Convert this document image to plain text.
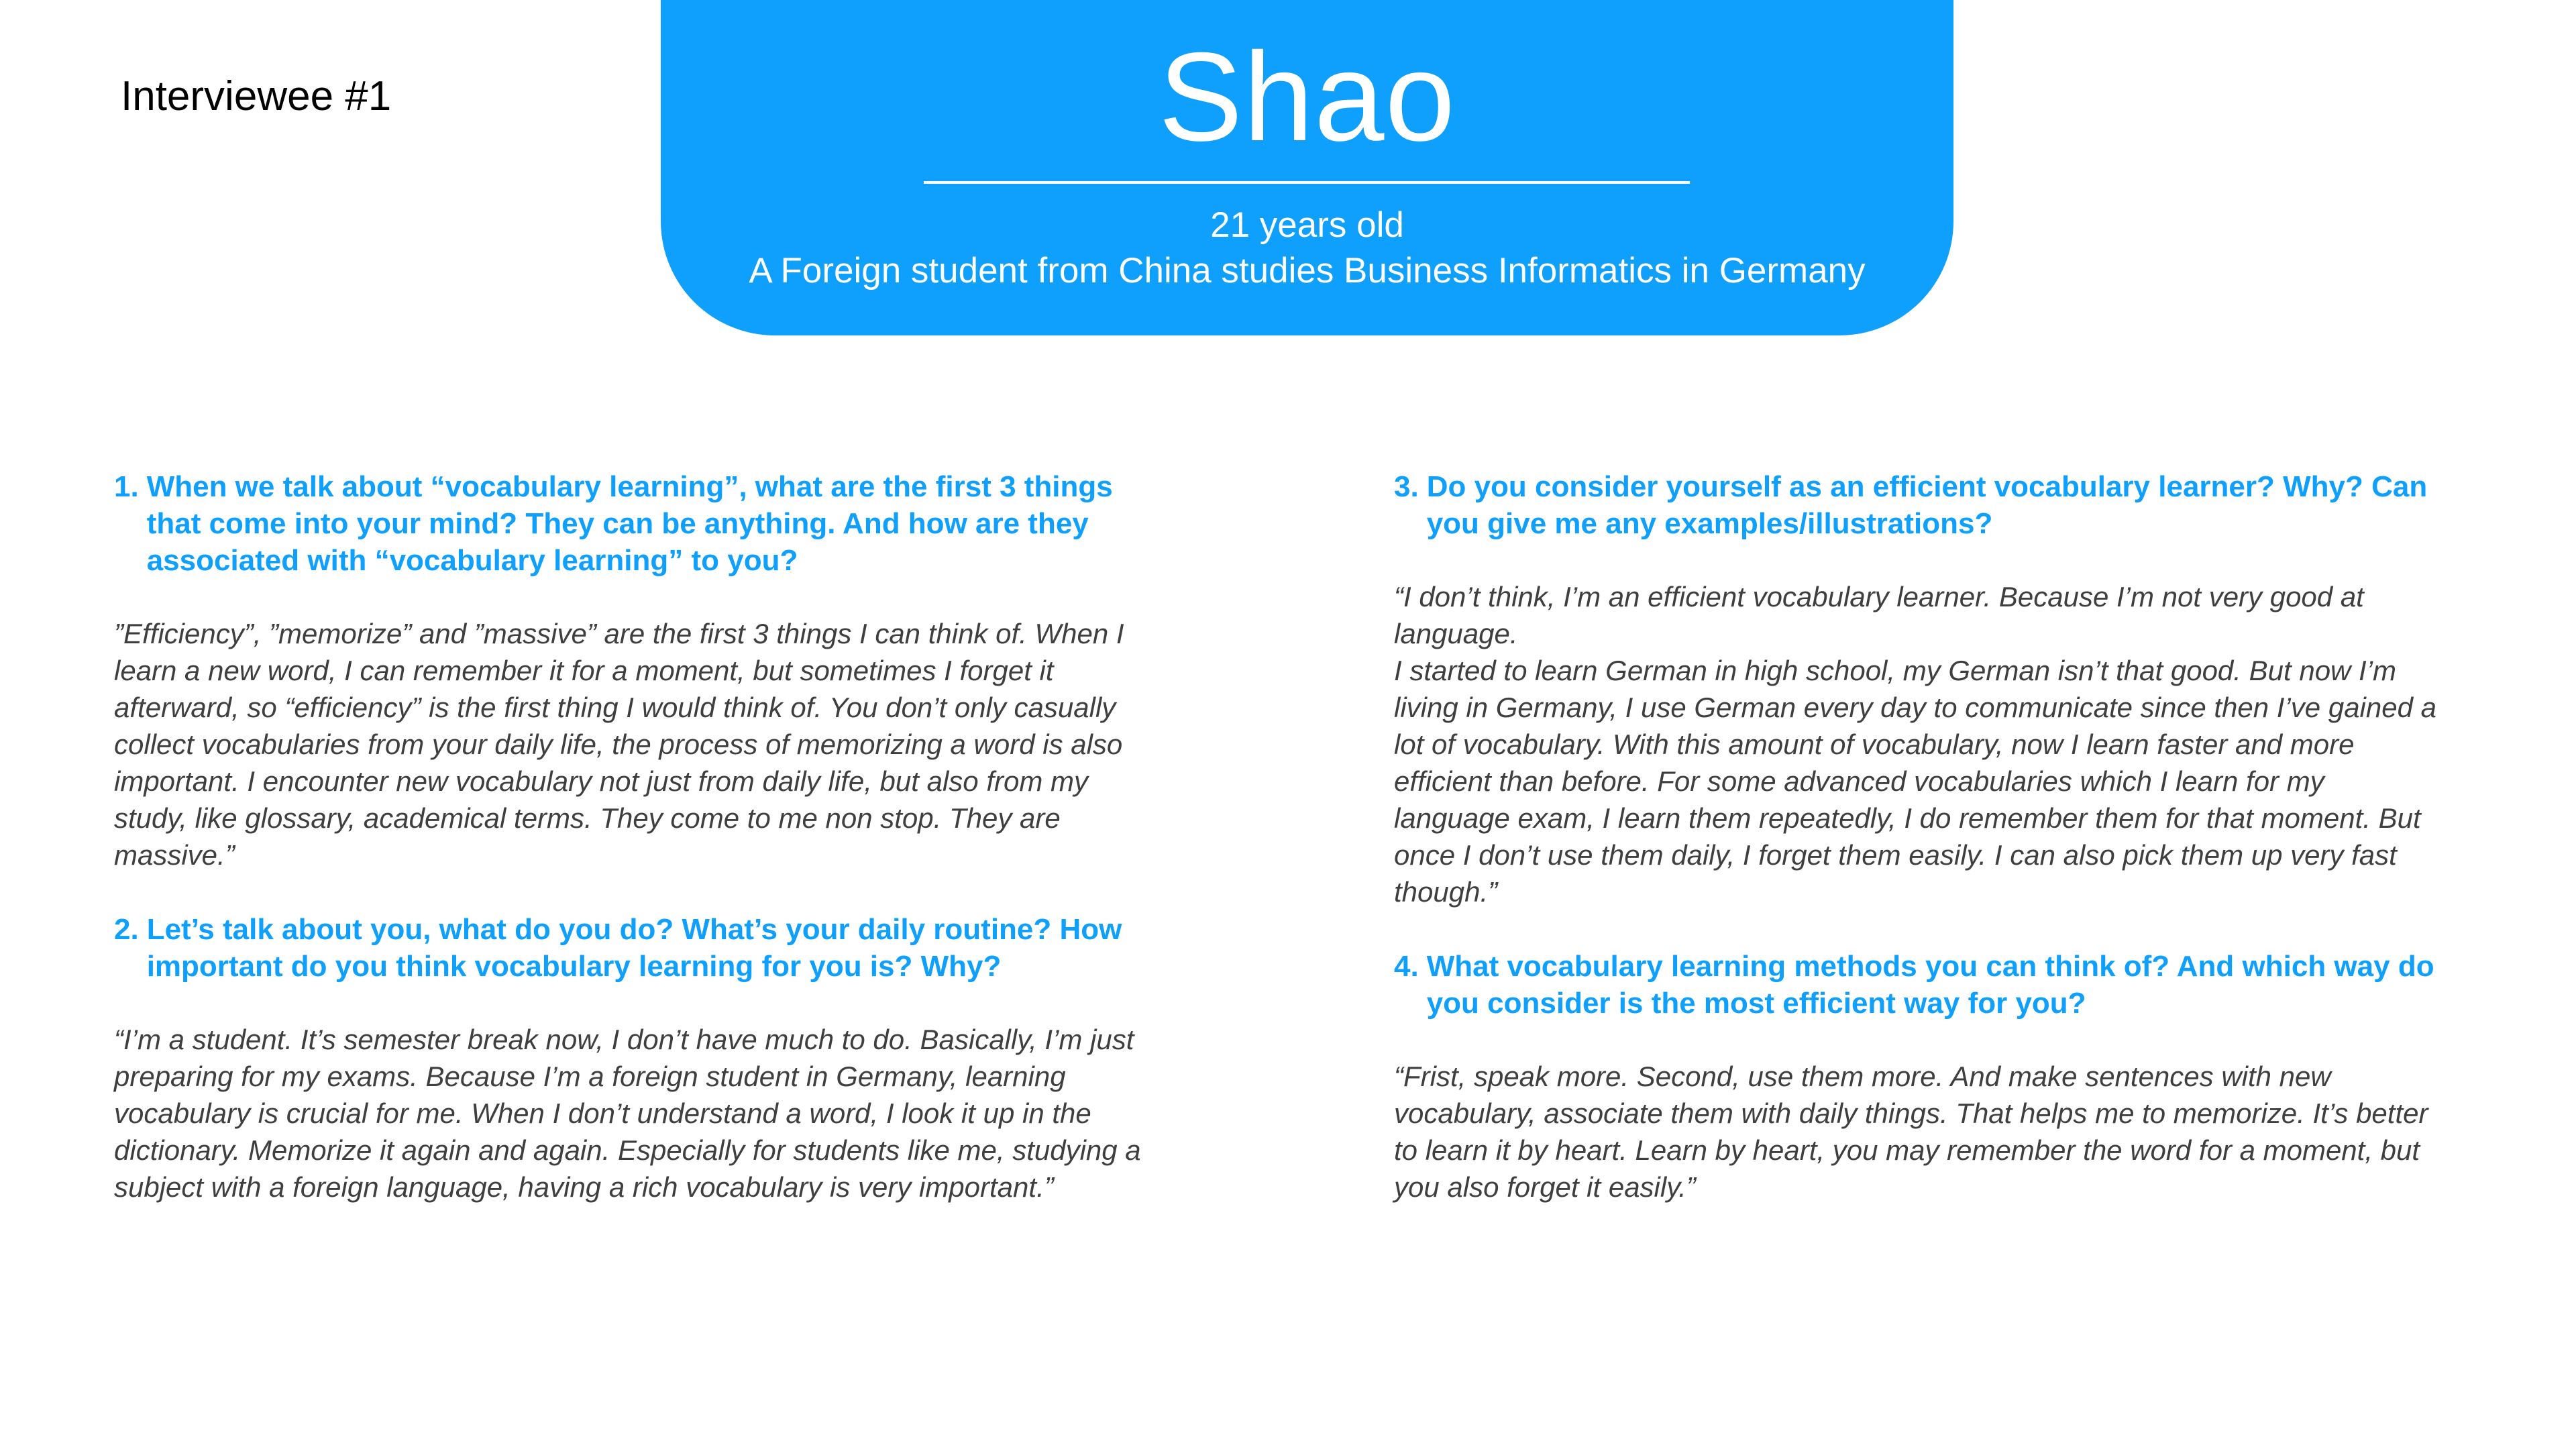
Interviewee #1	Shao
21 years old
A Foreign student from China studies Business Informatics in Germany
1. When we talk about “vocabulary learning”, what are the first 3 things that come into your mind? They can be anything. And how are they associated with “vocabulary learning” to you?

”Efficiency”, ”memorize” and ”massive” are the first 3 things I can think of. When I learn a new word, I can remember it for a moment, but sometimes I forget it afterward, so “efficiency” is the first thing I would think of. You don’t only casually collect vocabularies from your daily life, the process of memorizing a word is also important. I encounter new vocabulary not just from daily life, but also from my study, like glossary, academical terms. They come to me non stop. They are massive.”

2. Let’s talk about you, what do you do? What’s your daily routine? How important do you think vocabulary learning for you is? Why?

“I’m a student. It’s semester break now, I don’t have much to do. Basically, I’m just preparing for my exams. Because I’m a foreign student in Germany, learning vocabulary is crucial for me. When I don’t understand a word, I look it up in the dictionary. Memorize it again and again. Especially for students like me, studying a subject with a foreign language, having a rich vocabulary is very important.”

3. Do you consider yourself as an efficient vocabulary learner? Why? Can you give me any examples/illustrations?

“I don’t think, I’m an efficient vocabulary learner. Because I’m not very good at language.
I started to learn German in high school, my German isn’t that good. But now I’m living in Germany, I use German every day to communicate since then I’ve gained a lot of vocabulary. With this amount of vocabulary, now I learn faster and more efficient than before. For some advanced vocabularies which I learn for my language exam, I learn them repeatedly, I do remember them for that moment. But once I don’t use them daily, I forget them easily. I can also pick them up very fast though.”

4. What vocabulary learning methods you can think of? And which way do you consider is the most efficient way for you?

“Frist, speak more. Second, use them more. And make sentences with new vocabulary, associate them with daily things. That helps me to memorize. It’s better to learn it by heart. Learn by heart, you may remember the word for a moment, but you also forget it easily.”
